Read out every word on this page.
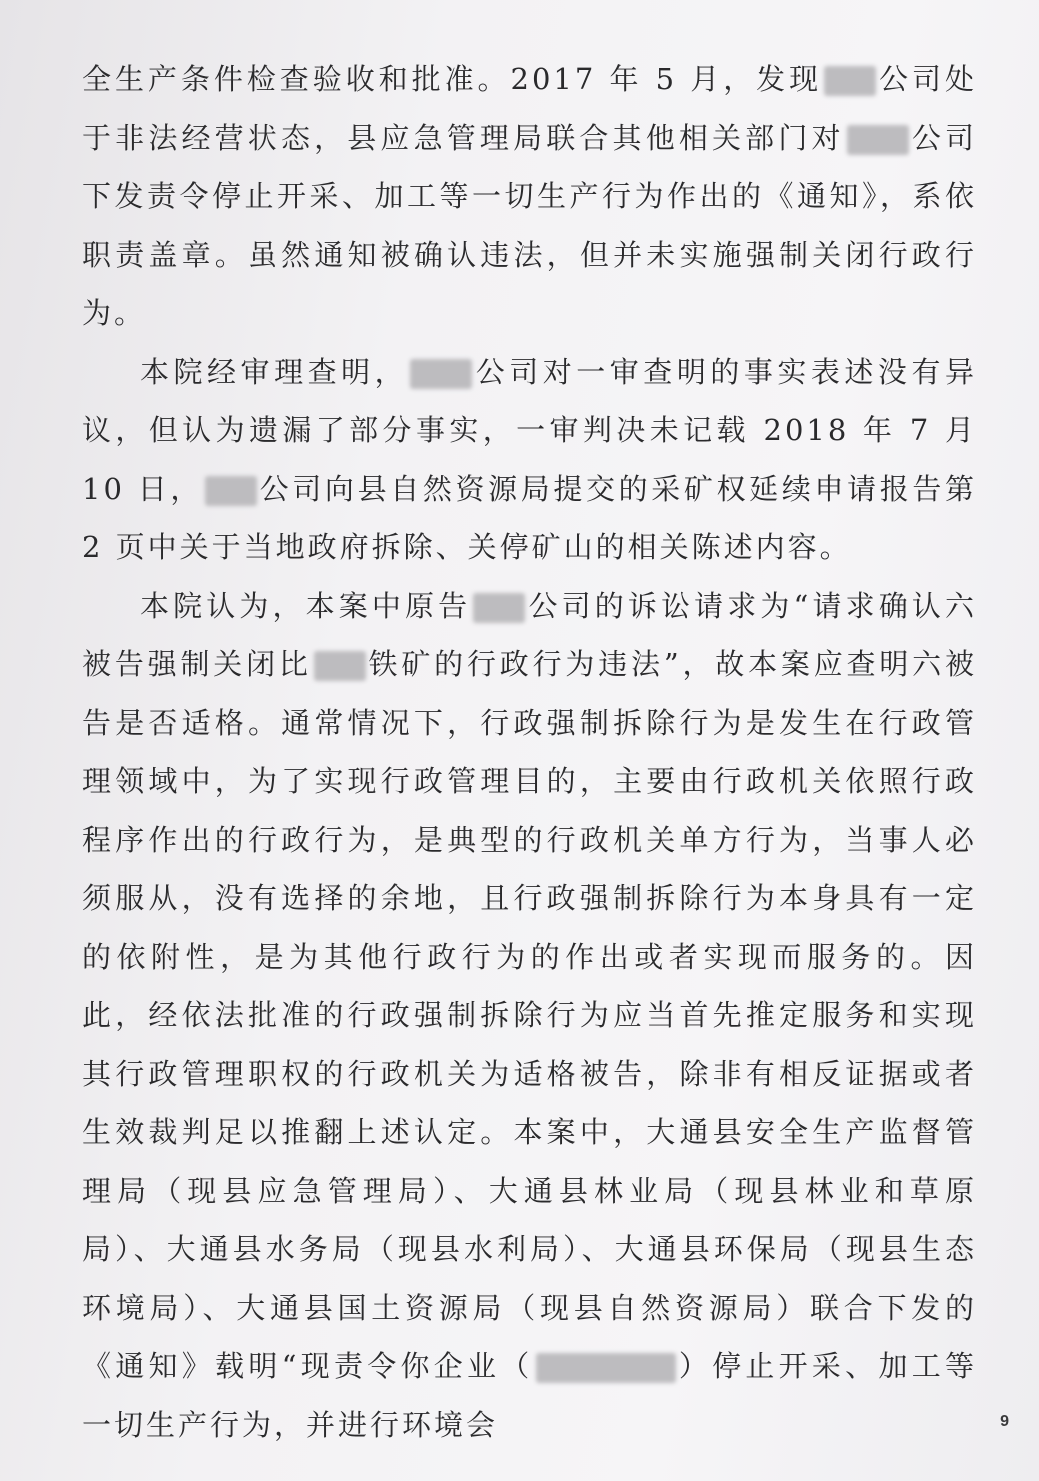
全生产条件检查验收和批准。2017 年 5 月，发现 公司处于非法经营状态，县应急管理局联合其他相关部门对 公司下发责令停止开采、加工等一切生产行为作出的《通知》，系依职责盖章。虽然通知被确认违法，但并未实施强制关闭行政行为。

本院经审理查明， 公司对一审查明的事实表述没有异议，但认为遗漏了部分事实，一审判决未记载 2018 年 7 月 10 日， 公司向县自然资源局提交的采矿权延续申请报告第 2 页中关于当地政府拆除、关停矿山的相关陈述内容。

本院认为，本案中原告 公司的诉讼请求为“请求确认六被告强制关闭比 铁矿的行政行为违法”，故本案应查明六被告是否适格。通常情况下，行政强制拆除行为是发生在行政管理领域中，为了实现行政管理目的，主要由行政机关依照行政程序作出的行政行为，是典型的行政机关单方行为，当事人必须服从，没有选择的余地，且行政强制拆除行为本身具有一定的依附性，是为其他行政行为的作出或者实现而服务的。因此，经依法批准的行政强制拆除行为应当首先推定服务和实现其行政管理职权的行政机关为适格被告，除非有相反证据或者生效裁判足以推翻上述认定。本案中，大通县安全生产监督管理局（现县应急管理局）、大通县林业局（现县林业和草原局）、大通县水务局（现县水利局）、大通县环保局（现县生态环境局）、大通县国土资源局（现县自然资源局）联合下发的《通知》载明“现责令你企业（	）停止开采、加工等一切生产行为，并进行环境会	9
